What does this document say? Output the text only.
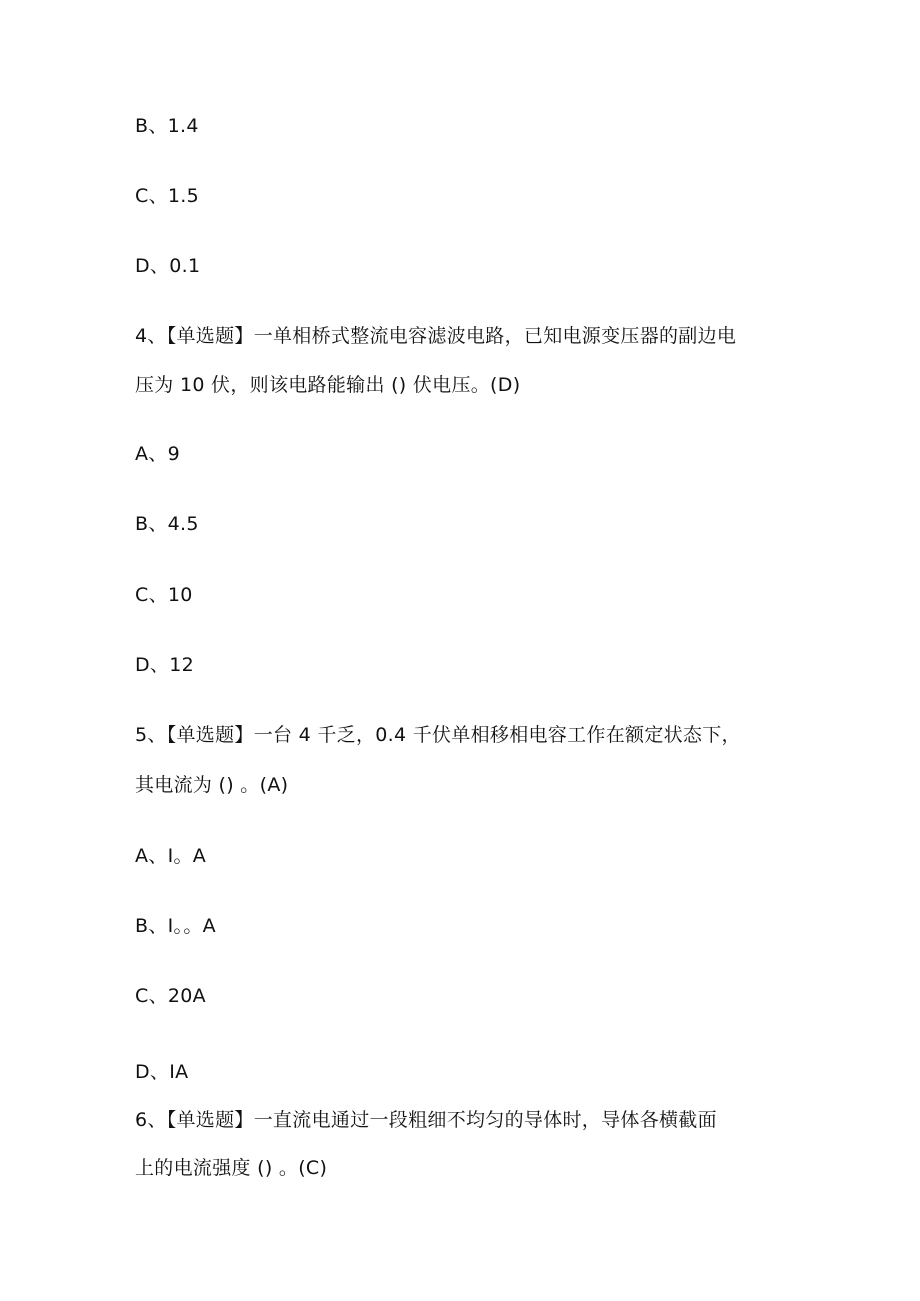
B、1.4
C、1.5
D、0.1
4、【单选题】一单相桥式整流电容滤波电路，已知电源变压器的副边电
压为 10 伏，则该电路能输出 () 伏电压。(D)
A、9
B、4.5
C、10
D、12
5、【单选题】一台 4 千乏，0.4 千伏单相移相电容工作在额定状态下，
其电流为 () 。(A)
A、I。A
B、I。。A
C、20A
D、IA
6、【单选题】一直流电通过一段粗细不均匀的导体时，导体各横截面
上的电流强度 () 。(C)
